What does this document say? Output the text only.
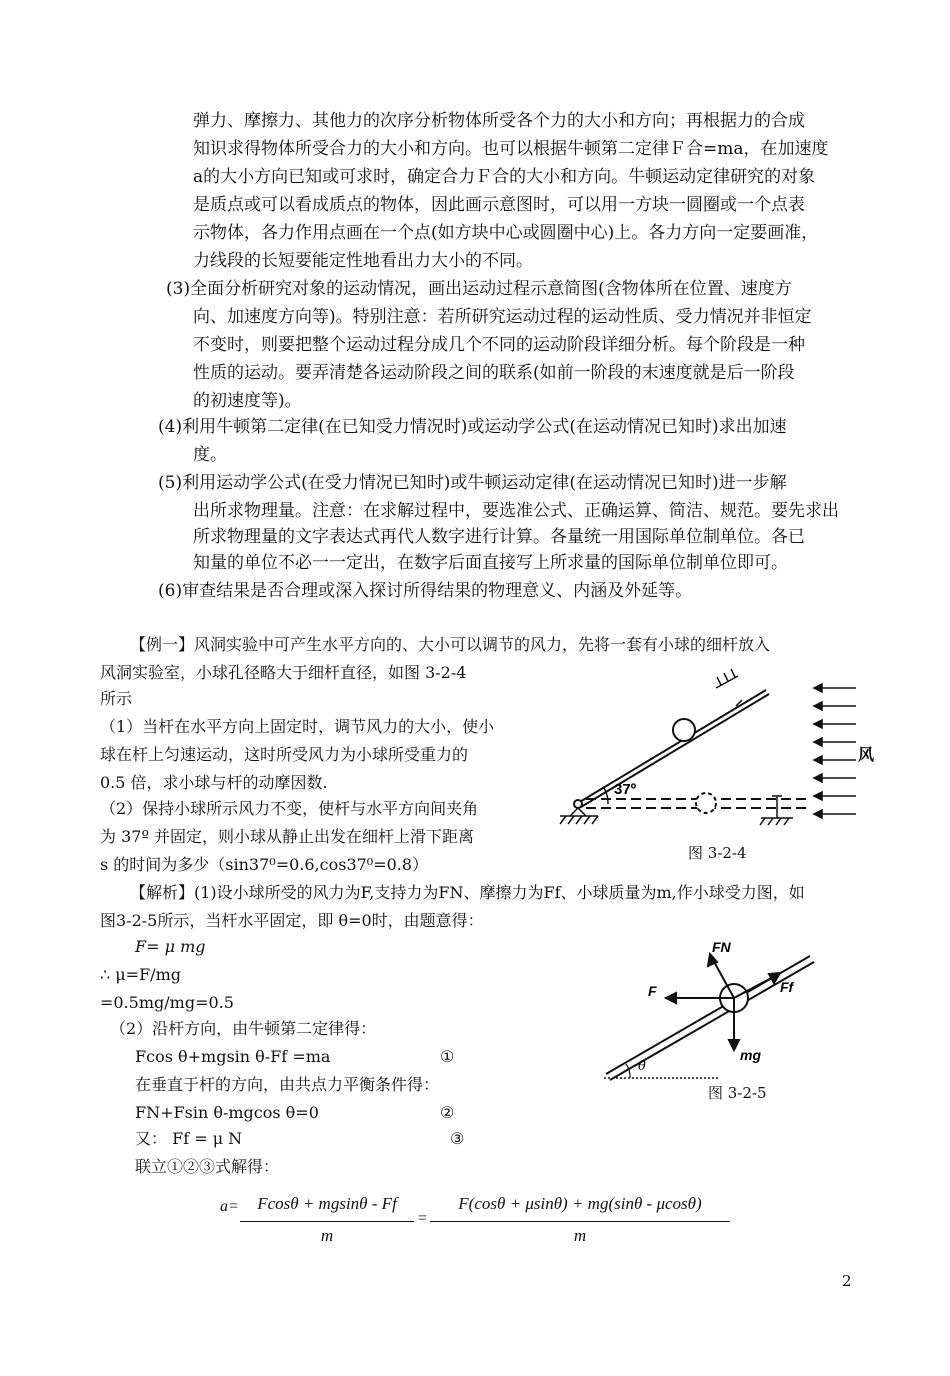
弹力、摩擦力、其他力的次序分析物体所受各个力的大小和方向；再根据力的合成
知识求得物体所受合力的大小和方向。也可以根据牛顿第二定律Ｆ合=ma，在加速度
a的大小方向已知或可求时，确定合力Ｆ合的大小和方向。牛顿运动定律研究的对象
是质点或可以看成质点的物体，因此画示意图时，可以用一方块一圆圈或一个点表
示物体，各力作用点画在一个点(如方块中心或圆圈中心)上。各力方向一定要画准，
力线段的长短要能定性地看出力大小的不同。
(3)全面分析研究对象的运动情况，画出运动过程示意简图(含物体所在位置、速度方
向、加速度方向等)。特别注意：若所研究运动过程的运动性质、受力情况并非恒定
不变时，则要把整个运动过程分成几个不同的运动阶段详细分析。每个阶段是一种
性质的运动。要弄清楚各运动阶段之间的联系(如前一阶段的末速度就是后一阶段
的初速度等)。
(4)利用牛顿第二定律(在已知受力情况时)或运动学公式(在运动情况已知时)求出加速
度。
(5)利用运动学公式(在受力情况已知时)或牛顿运动定律(在运动情况已知时)进一步解
出所求物理量。注意：在求解过程中，要选准公式、正确运算、简洁、规范。要先求出
所求物理量的文字表达式再代人数字进行计算。各量统一用国际单位制单位。各已
知量的单位不必一一定出，在数字后面直接写上所求量的国际单位制单位即可。
(6)审查结果是否合理或深入探讨所得结果的物理意义、内涵及外延等。
【例一】风洞实验中可产生水平方向的、大小可以调节的风力，先将一套有小球的细杆放入
风洞实验室，小球孔径略大于细杆直径，如图 3-2-4
所示
（1）当杆在水平方向上固定时，调节风力的大小，使小
球在杆上匀速运动，这时所受风力为小球所受重力的
0.5 倍，求小球与杆的动摩因数.
（2）保持小球所示风力不变，使杆与水平方向间夹角
为 37º 并固定，则小球从静止出发在细杆上滑下距离
s 的时间为多少（sin37⁰=0.6,cos37⁰=0.8）
37º
风
图 3-2-4
【解析】(1)设小球所受的风力为F,支持力为FN、摩擦力为Ff、小球质量为m,作小球受力图，如
图3-2-5所示，当杆水平固定，即 θ=0时，由题意得：
F= μ mg
∴ μ=F/mg
=0.5mg/mg=0.5
（2）沿杆方向，由牛顿第二定律得：
Fcos θ+mgsin θ-Ff =ma	①
在垂直于杆的方向，由共点力平衡条件得：
FN+Fsin θ-mgcos θ=0	②
又： Ff = μ N	③
联立①②③式解得：
θ
FN
F	Ff
mg
图 3-2-5
a=	Fcosθ + mgsinθ - Ff
m
=
F(cosθ + μsinθ) + mg(sinθ - μcosθ)
m
2
